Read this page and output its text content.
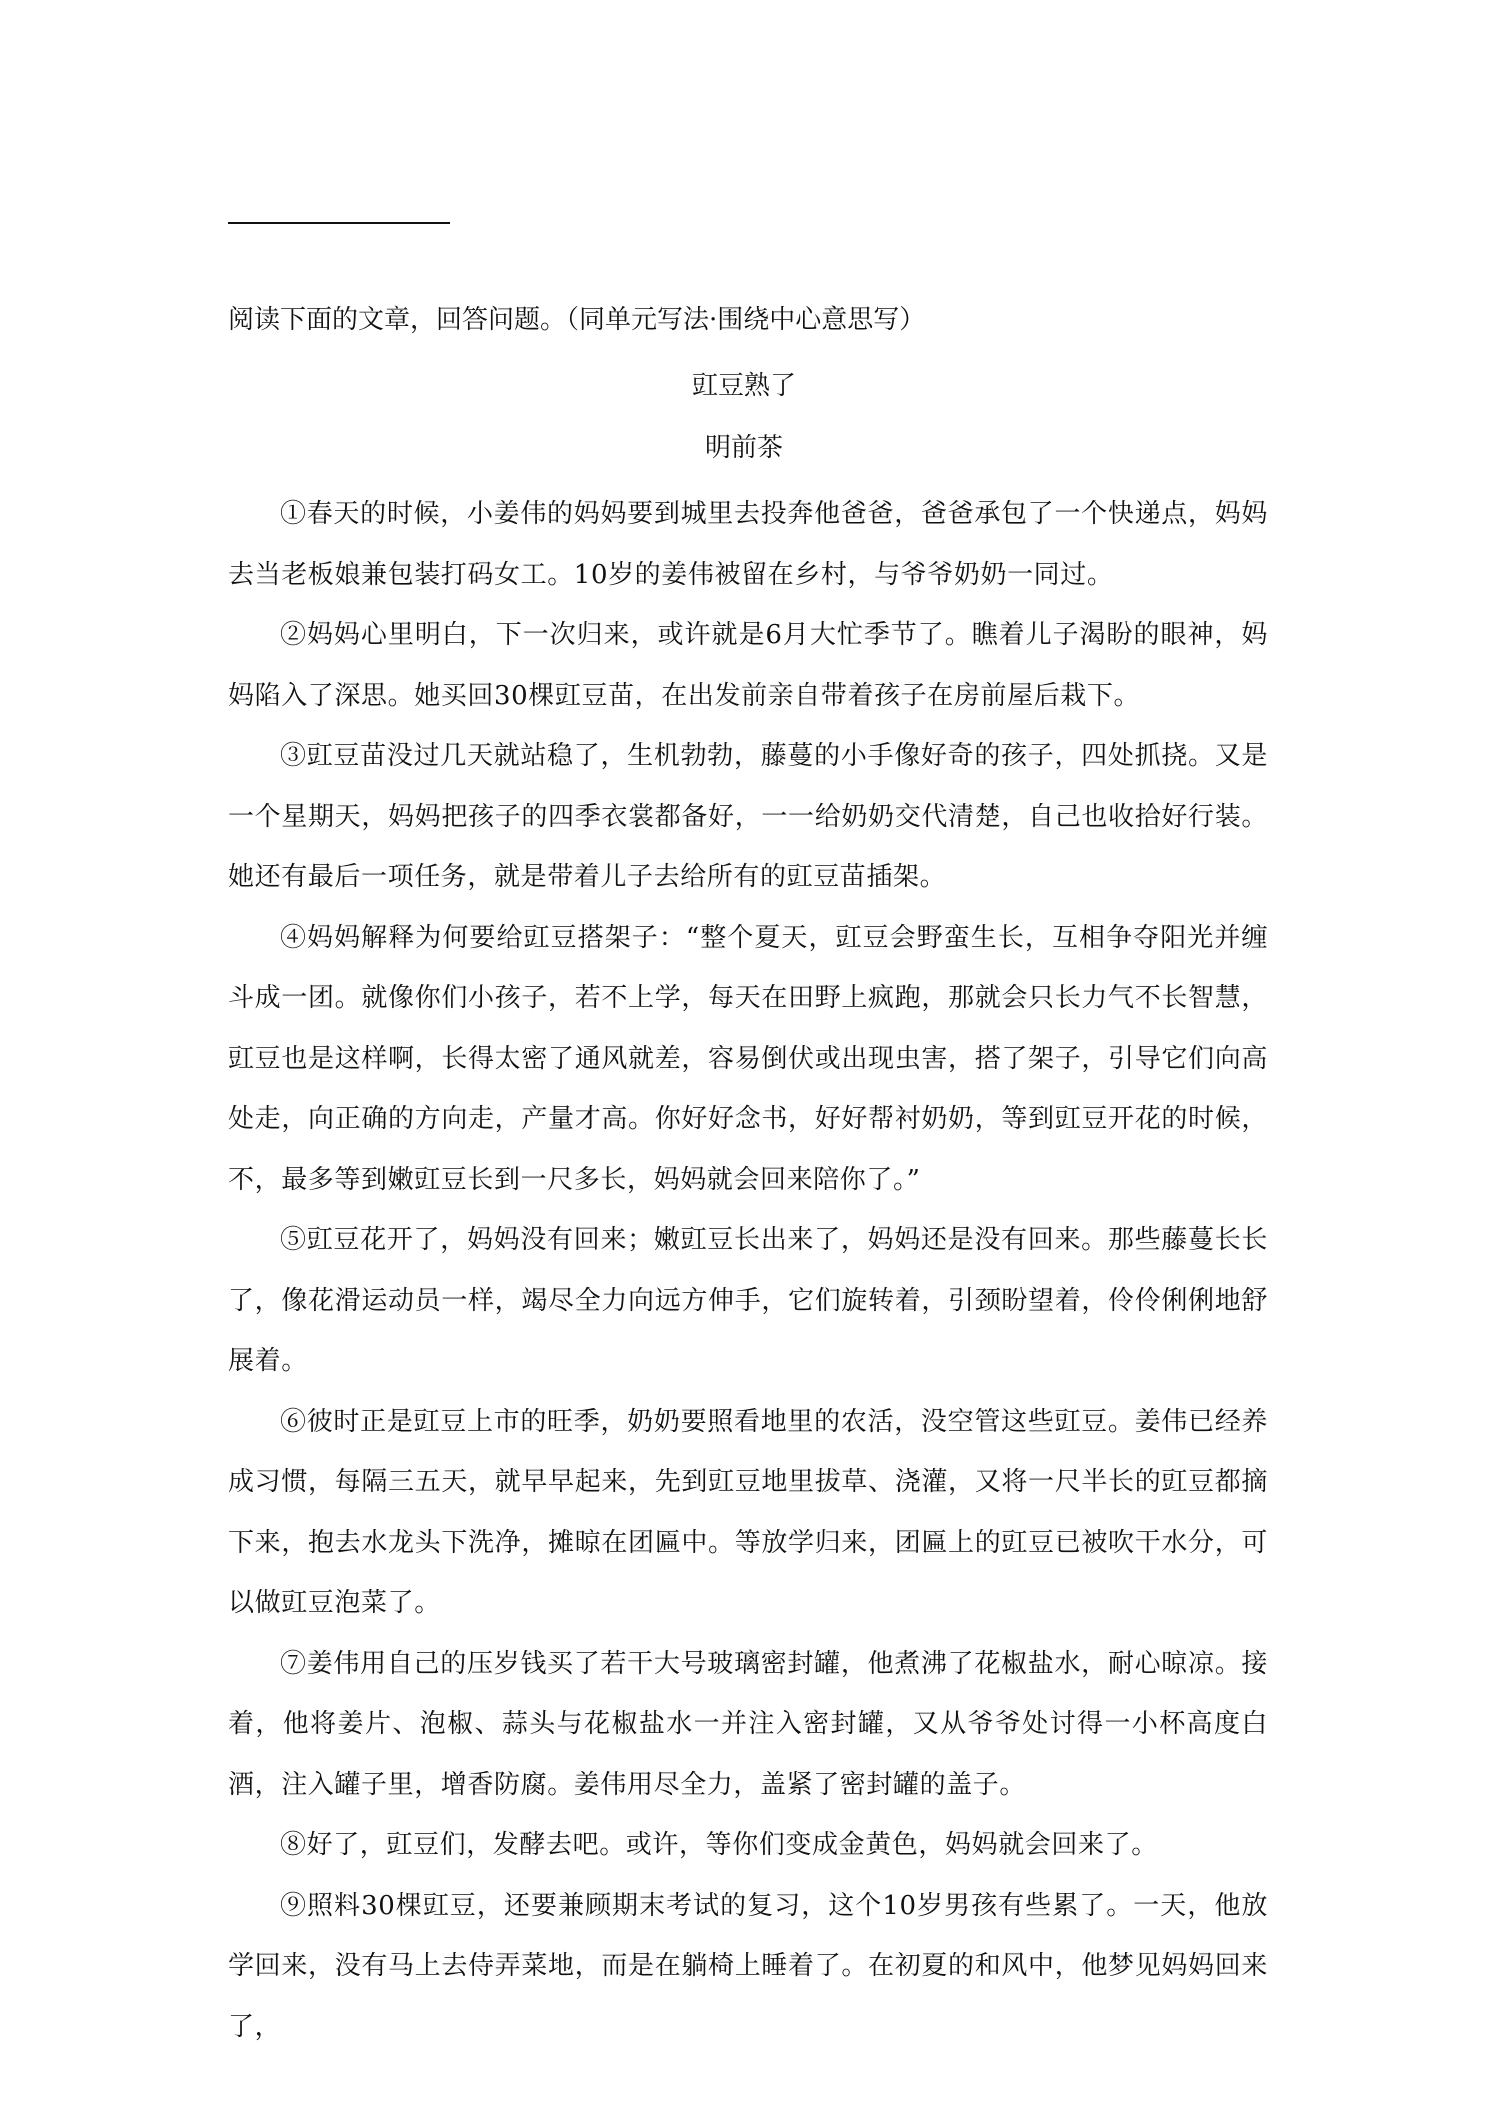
阅读下面的文章，回答问题。（同单元写法·围绕中心意思写）
豇豆熟了
明前茶

①春天的时候，小姜伟的妈妈要到城里去投奔他爸爸，爸爸承包了一个快递点，妈妈去当老板娘兼包装打码女工。10岁的姜伟被留在乡村，与爷爷奶奶一同过。

②妈妈心里明白，下一次归来，或许就是6月大忙季节了。瞧着儿子渴盼的眼神，妈妈陷入了深思。她买回30棵豇豆苗，在出发前亲自带着孩子在房前屋后栽下。

③豇豆苗没过几天就站稳了，生机勃勃，藤蔓的小手像好奇的孩子，四处抓挠。又是一个星期天，妈妈把孩子的四季衣裳都备好，一一给奶奶交代清楚，自己也收拾好行装。她还有最后一项任务，就是带着儿子去给所有的豇豆苗插架。

④妈妈解释为何要给豇豆搭架子：“整个夏天，豇豆会野蛮生长，互相争夺阳光并缠斗成一团。就像你们小孩子，若不上学，每天在田野上疯跑，那就会只长力气不长智慧，豇豆也是这样啊，长得太密了通风就差，容易倒伏或出现虫害，搭了架子，引导它们向高处走，向正确的方向走，产量才高。你好好念书，好好帮衬奶奶，等到豇豆开花的时候，不，最多等到嫩豇豆长到一尺多长，妈妈就会回来陪你了。”

⑤豇豆花开了，妈妈没有回来；嫩豇豆长出来了，妈妈还是没有回来。那些藤蔓长长了，像花滑运动员一样，竭尽全力向远方伸手，它们旋转着，引颈盼望着，伶伶俐俐地舒展着。

⑥彼时正是豇豆上市的旺季，奶奶要照看地里的农活，没空管这些豇豆。姜伟已经养成习惯，每隔三五天，就早早起来，先到豇豆地里拔草、浇灌，又将一尺半长的豇豆都摘下来，抱去水龙头下洗净，摊晾在团匾中。等放学归来，团匾上的豇豆已被吹干水分，可以做豇豆泡菜了。

⑦姜伟用自己的压岁钱买了若干大号玻璃密封罐，他煮沸了花椒盐水，耐心晾凉。接着，他将姜片、泡椒、蒜头与花椒盐水一并注入密封罐，又从爷爷处讨得一小杯高度白酒，注入罐子里，增香防腐。姜伟用尽全力，盖紧了密封罐的盖子。

⑧好了，豇豆们，发酵去吧。或许，等你们变成金黄色，妈妈就会回来了。

⑨照料30棵豇豆，还要兼顾期末考试的复习，这个10岁男孩有些累了。一天，他放学回来，没有马上去侍弄菜地，而是在躺椅上睡着了。在初夏的和风中，他梦见妈妈回来了，
